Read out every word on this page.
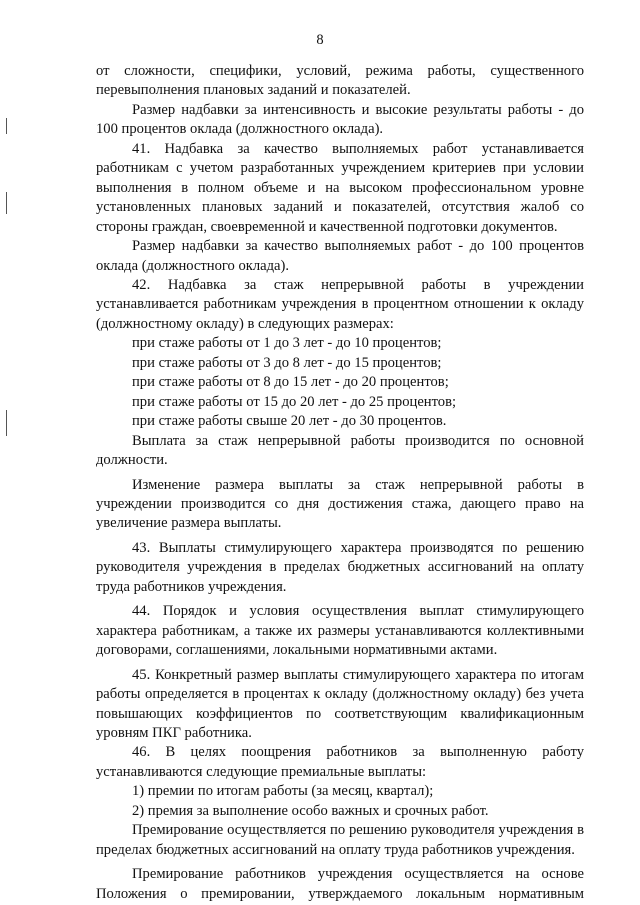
8

от сложности, специфики, условий, режима работы, существенного перевыполнения плановых заданий и показателей.

Размер надбавки за интенсивность и высокие результаты работы - до 100 процентов оклада (должностного оклада).

41. Надбавка за качество выполняемых работ устанавливается работникам с учетом разработанных учреждением критериев при условии выполнения в полном объеме и на высоком профессиональном уровне установленных плановых заданий и показателей, отсутствия жалоб со стороны граждан, своевременной и качественной подготовки документов.

Размер надбавки за качество выполняемых работ - до 100 процентов оклада (должностного оклада).

42. Надбавка за стаж непрерывной работы в учреждении устанавливается работникам учреждения в процентном отношении к окладу (должностному окладу) в следующих размерах:

при стаже работы от 1 до 3 лет - до 10 процентов;

при стаже работы от 3 до 8 лет - до 15 процентов;

при стаже работы от 8 до 15 лет - до 20 процентов;

при стаже работы от 15 до 20 лет - до 25 процентов;

при стаже работы свыше 20 лет - до 30 процентов.

Выплата за стаж непрерывной работы производится по основной должности.

Изменение размера выплаты за стаж непрерывной работы в учреждении производится со дня достижения стажа, дающего право на увеличение размера выплаты.

43. Выплаты стимулирующего характера производятся по решению руководителя учреждения в пределах бюджетных ассигнований на оплату труда работников учреждения.

44. Порядок и условия осуществления выплат стимулирующего характера работникам, а также их размеры устанавливаются коллективными договорами, соглашениями, локальными нормативными актами.

45. Конкретный размер выплаты стимулирующего характера по итогам работы определяется в процентах к окладу (должностному окладу) без учета повышающих коэффициентов по соответствующим квалификационным уровням ПКГ работника.

46. В целях поощрения работников за выполненную работу устанавливаются следующие премиальные выплаты:

1) премии по итогам работы (за месяц, квартал);

2) премия за выполнение особо важных и срочных работ.

Премирование осуществляется по решению руководителя учреждения в пределах бюджетных ассигнований на оплату труда работников учреждения.

Премирование работников учреждения осуществляется на основе Положения о премировании, утверждаемого локальным нормативным
